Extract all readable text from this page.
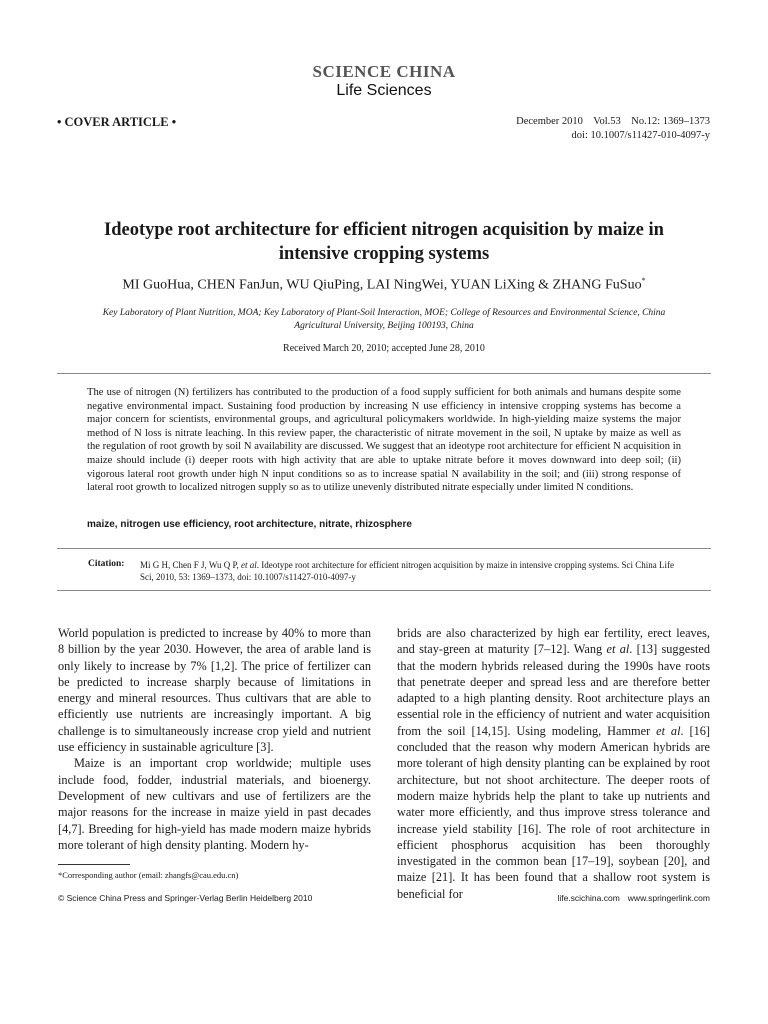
SCIENCE CHINA
Life Sciences
• COVER ARTICLE •	December 2010    Vol.53    No.12: 1369–1373
doi: 10.1007/s11427-010-4097-y
Ideotype root architecture for efficient nitrogen acquisition by maize in intensive cropping systems
MI GuoHua, CHEN FanJun, WU QiuPing, LAI NingWei, YUAN LiXing & ZHANG FuSuo*
Key Laboratory of Plant Nutrition, MOA; Key Laboratory of Plant-Soil Interaction, MOE; College of Resources and Environmental Science, China Agricultural University, Beijing 100193, China
Received March 20, 2010; accepted June 28, 2010
The use of nitrogen (N) fertilizers has contributed to the production of a food supply sufficient for both animals and humans despite some negative environmental impact. Sustaining food production by increasing N use efficiency in intensive cropping systems has become a major concern for scientists, environmental groups, and agricultural policymakers worldwide. In high-yielding maize systems the major method of N loss is nitrate leaching. In this review paper, the characteristic of nitrate movement in the soil, N uptake by maize as well as the regulation of root growth by soil N availability are discussed. We suggest that an ideotype root architecture for efficient N acquisition in maize should include (i) deeper roots with high activity that are able to uptake nitrate before it moves downward into deep soil; (ii) vigorous lateral root growth under high N input conditions so as to increase spatial N availability in the soil; and (iii) strong response of lateral root growth to localized nitrogen supply so as to utilize unevenly distributed nitrate especially under limited N conditions.
maize, nitrogen use efficiency, root architecture, nitrate, rhizosphere
Citation: Mi G H, Chen F J, Wu Q P, et al. Ideotype root architecture for efficient nitrogen acquisition by maize in intensive cropping systems. Sci China Life Sci, 2010, 53: 1369–1373, doi: 10.1007/s11427-010-4097-y

World population is predicted to increase by 40% to more than 8 billion by the year 2030. However, the area of arable land is only likely to increase by 7% [1,2]. The price of fertilizer can be predicted to increase sharply because of limitations in energy and mineral resources. Thus cultivars that are able to efficiently use nutrients are increasingly important. A big challenge is to simultaneously increase crop yield and nutrient use efficiency in sustainable agriculture [3].

Maize is an important crop worldwide; multiple uses include food, fodder, industrial materials, and bioenergy. Development of new cultivars and use of fertilizers are the major reasons for the increase in maize yield in past decades [4,7]. Breeding for high-yield has made modern maize hybrids more tolerant of high density planting. Modern hy-

brids are also characterized by high ear fertility, erect leaves, and stay-green at maturity [7–12]. Wang et al. [13] suggested that the modern hybrids released during the 1990s have roots that penetrate deeper and spread less and are therefore better adapted to a high planting density. Root architecture plays an essential role in the efficiency of nutrient and water acquisition from the soil [14,15]. Using modeling, Hammer et al. [16] concluded that the reason why modern American hybrids are more tolerant of high density planting can be explained by root architecture, but not shoot architecture. The deeper roots of modern maize hybrids help the plant to take up nutrients and water more efficiently, and thus improve stress tolerance and increase yield stability [16]. The role of root architecture in efficient phosphorus acquisition has been thoroughly investigated in the common bean [17–19], soybean [20], and maize [21]. It has been found that a shallow root system is beneficial for

*Corresponding author (email: zhangfs@cau.edu.cn)
© Science China Press and Springer-Verlag Berlin Heidelberg 2010	life.scichina.com www.springerlink.com
